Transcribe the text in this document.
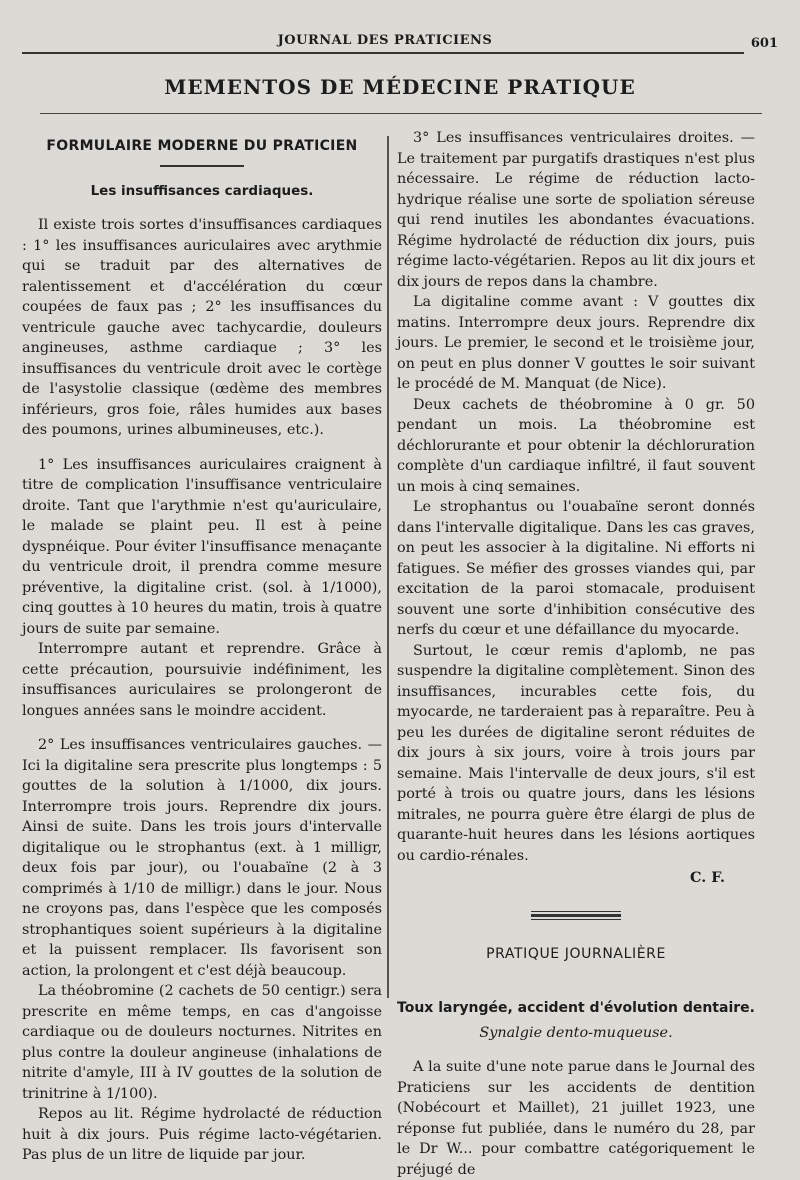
JOURNAL DES PRATICIENS	601
MEMENTOS DE MÉDECINE PRATIQUE
FORMULAIRE MODERNE DU PRATICIEN
Les insuffisances cardiaques.

Il existe trois sortes d'insuffisances cardiaques : 1° les insuffisances auriculaires avec arythmie qui se traduit par des alternatives de ralentissement et d'accélération du cœur coupées de faux pas ; 2° les insuffisances du ventricule gauche avec tachycardie, douleurs angineuses, asthme cardiaque ; 3° les insuffisances du ventricule droit avec le cortège de l'asystolie classique (œdème des membres inférieurs, gros foie, râles humides aux bases des poumons, urines albumineuses, etc.).

1° Les insuffisances auriculaires craignent à titre de complication l'insuffisance ventriculaire droite. Tant que l'arythmie n'est qu'auriculaire, le malade se plaint peu. Il est à peine dyspnéique. Pour éviter l'insuffisance menaçante du ventricule droit, il prendra comme mesure préventive, la digitaline crist. (sol. à 1/1000), cinq gouttes à 10 heures du matin, trois à quatre jours de suite par semaine.

Interrompre autant et reprendre. Grâce à cette précaution, poursuivie indéfiniment, les insuffisances auriculaires se prolongeront de longues années sans le moindre accident.

2° Les insuffisances ventriculaires gauches. — Ici la digitaline sera prescrite plus longtemps : 5 gouttes de la solution à 1/1000, dix jours. Interrompre trois jours. Reprendre dix jours. Ainsi de suite. Dans les trois jours d'intervalle digitalique ou le strophantus (ext. à 1 milligr, deux fois par jour), ou l'ouabaïne (2 à 3 comprimés à 1/10 de milligr.) dans le jour. Nous ne croyons pas, dans l'espèce que les composés strophantiques soient supérieurs à la digitaline et la puissent remplacer. Ils favorisent son action, la prolongent et c'est déjà beaucoup.

La théobromine (2 cachets de 50 centigr.) sera prescrite en même temps, en cas d'angoisse cardiaque ou de douleurs nocturnes. Nitrites en plus contre la douleur angineuse (inhalations de nitrite d'amyle, III à IV gouttes de la solution de trinitrine à 1/100).

Repos au lit. Régime hydrolacté de réduction huit à dix jours. Puis régime lacto-végétarien. Pas plus de un litre de liquide par jour.

3° Les insuffisances ventriculaires droites. — Le traitement par purgatifs drastiques n'est plus nécessaire. Le régime de réduction lacto-hydrique réalise une sorte de spoliation séreuse qui rend inutiles les abondantes évacuations. Régime hydrolacté de réduction dix jours, puis régime lacto-végétarien. Repos au lit dix jours et dix jours de repos dans la chambre.

La digitaline comme avant : V gouttes dix matins. Interrompre deux jours. Reprendre dix jours. Le premier, le second et le troisième jour, on peut en plus donner V gouttes le soir suivant le procédé de M. Manquat (de Nice).

Deux cachets de théobromine à 0 gr. 50 pendant un mois. La théobromine est déchlorurante et pour obtenir la déchloruration complète d'un cardiaque infiltré, il faut souvent un mois à cinq semaines.

Le strophantus ou l'ouabaïne seront donnés dans l'intervalle digitalique. Dans les cas graves, on peut les associer à la digitaline. Ni efforts ni fatigues. Se méfier des grosses viandes qui, par excitation de la paroi stomacale, produisent souvent une sorte d'inhibition consécutive des nerfs du cœur et une défaillance du myocarde.

Surtout, le cœur remis d'aplomb, ne pas suspendre la digitaline complètement. Sinon des insuffisances, incurables cette fois, du myocarde, ne tarderaient pas à reparaître. Peu à peu les durées de digitaline seront réduites de dix jours à six jours, voire à trois jours par semaine. Mais l'intervalle de deux jours, s'il est porté à trois ou quatre jours, dans les lésions mitrales, ne pourra guère être élargi de plus de quarante-huit heures dans les lésions aortiques ou cardio-rénales.

C. F.
PRATIQUE JOURNALIÈRE
Toux laryngée, accident d'évolution dentaire.
Synalgie dento-muqueuse.

A la suite d'une note parue dans le Journal des Praticiens sur les accidents de dentition (Nobécourt et Maillet), 21 juillet 1923, une réponse fut publiée, dans le numéro du 28, par le Dr W... pour combattre catégoriquement le préjugé de
